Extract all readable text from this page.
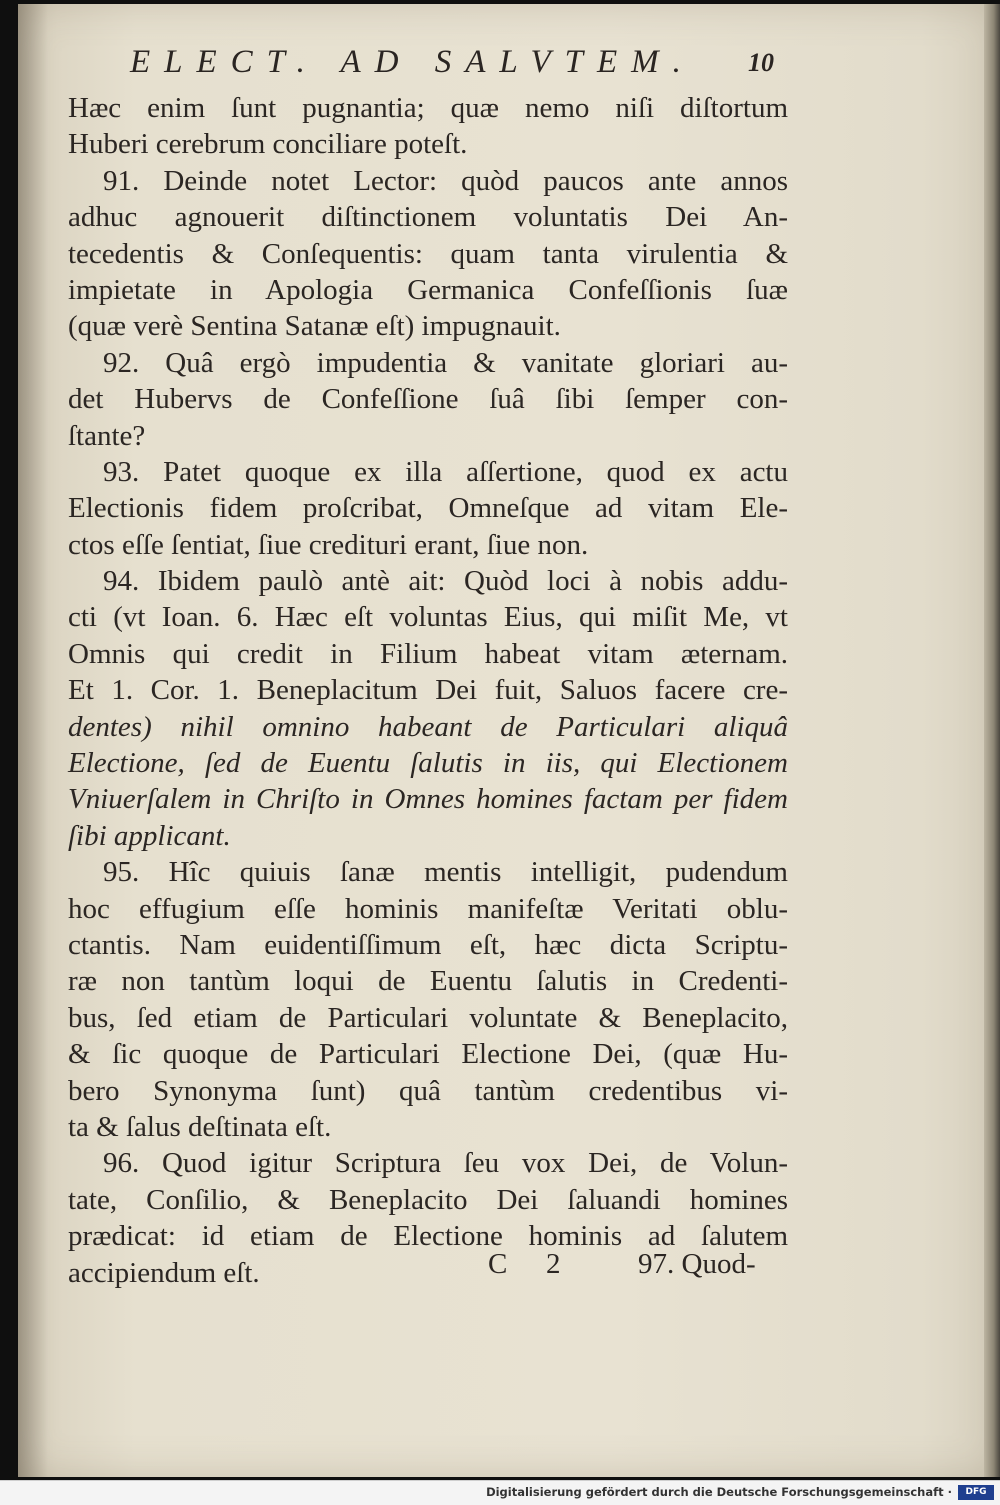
ELECT. AD SALVTEM.	10
Hæc enim ſunt pugnantia; quæ nemo niſi diſtortum
Huberi cerebrum conciliare poteſt.
91. Deinde notet Lector: quòd paucos ante annos
adhuc agnouerit diſtinctionem voluntatis Dei An-
tecedentis & Conſequentis: quam tanta virulentia &
impietate in Apologia Germanica Confeſſionis ſuæ
(quæ verè Sentina Satanæ eſt) impugnauit.
92. Quâ ergò impudentia & vanitate gloriari au-
det Hubervs de Confeſſione ſuâ ſibi ſemper con-
ſtante?
93. Patet quoque ex illa aſſertione, quod ex actu
Electionis fidem proſcribat, Omneſque ad vitam Ele-
ctos eſſe ſentiat, ſiue credituri erant, ſiue non.
94. Ibidem paulò antè ait: Quòd loci à nobis addu-
cti (vt Ioan. 6. Hæc eſt voluntas Eius, qui miſit Me, vt
Omnis qui credit in Filium habeat vitam æternam.
Et 1. Cor. 1. Beneplacitum Dei fuit, Saluos facere cre-
dentes) nihil omnino habeant de Particulari aliquâ
Electione, ſed de Euentu ſalutis in iis, qui Electionem
Vniuerſalem in Chriſto in Omnes homines factam per fidem
ſibi applicant.
95. Hîc quiuis ſanæ mentis intelligit, pudendum
hoc effugium eſſe hominis manifeſtæ Veritati oblu-
ctantis. Nam euidentiſſimum eſt, hæc dicta Scriptu-
ræ non tantùm loqui de Euentu ſalutis in Credenti-
bus, ſed etiam de Particulari voluntate & Beneplacito,
& ſic quoque de Particulari Electione Dei, (quæ Hu-
bero Synonyma ſunt) quâ tantùm credentibus vi-
ta & ſalus deſtinata eſt.
96. Quod igitur Scriptura ſeu vox Dei, de Volun-
tate, Conſilio, & Beneplacito Dei ſaluandi homines
prædicat: id etiam de Electione hominis ad ſalutem
accipiendum eſt.	C 2	97. Quod-
Digitalisierung gefördert durch die Deutsche Forschungsgemeinschaft ·	DFG
